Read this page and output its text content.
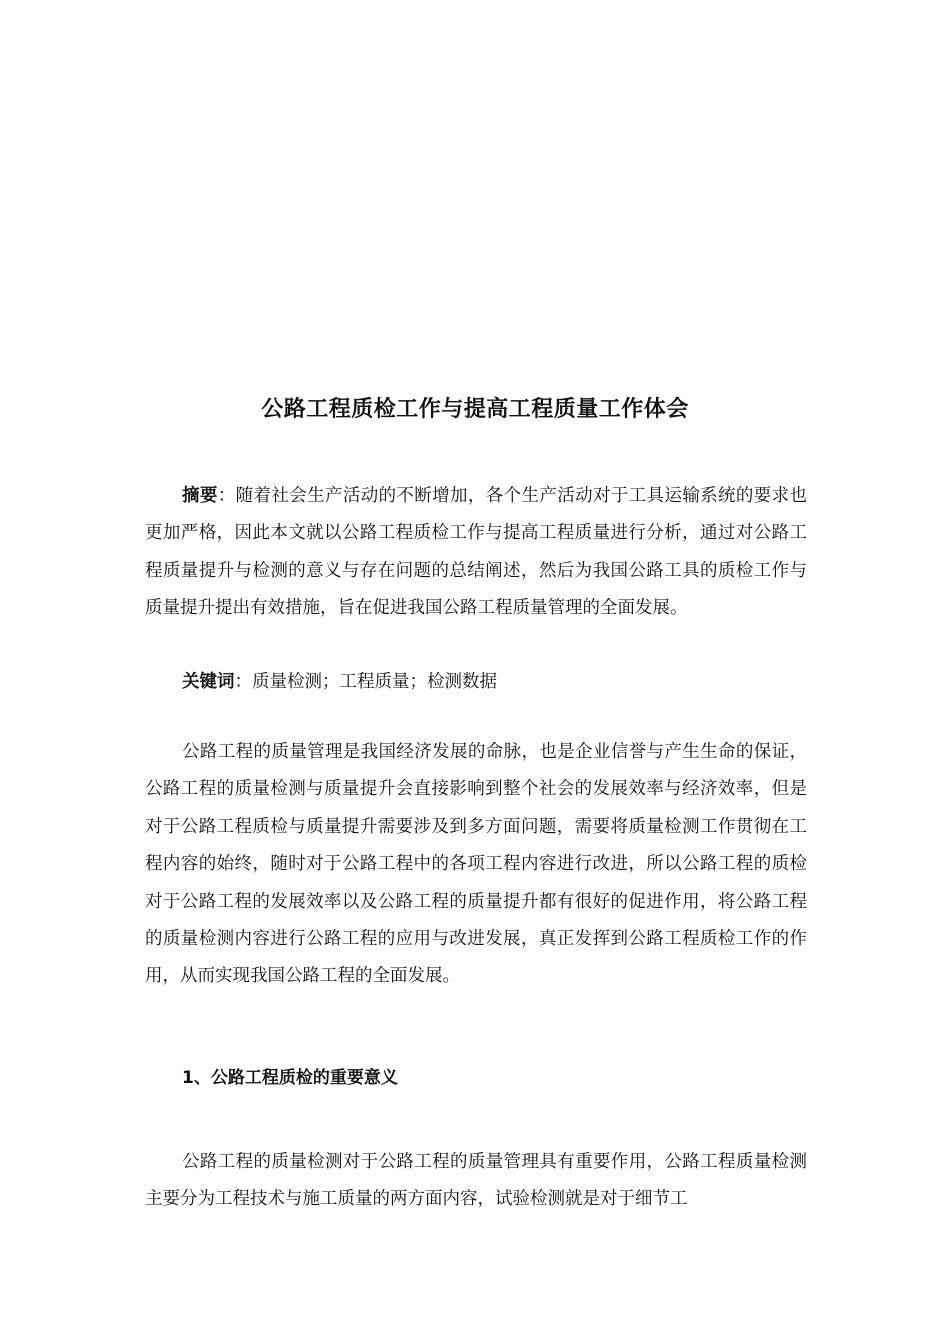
公路工程质检工作与提高工程质量工作体会

摘要：随着社会生产活动的不断增加，各个生产活动对于工具运输系统的要求也更加严格，因此本文就以公路工程质检工作与提高工程质量进行分析，通过对公路工程质量提升与检测的意义与存在问题的总结阐述，然后为我国公路工具的质检工作与质量提升提出有效措施，旨在促进我国公路工程质量管理的全面发展。

关键词：质量检测；工程质量；检测数据

公路工程的质量管理是我国经济发展的命脉，也是企业信誉与产生生命的保证，公路工程的质量检测与质量提升会直接影响到整个社会的发展效率与经济效率，但是对于公路工程质检与质量提升需要涉及到多方面问题，需要将质量检测工作贯彻在工程内容的始终，随时对于公路工程中的各项工程内容进行改进，所以公路工程的质检对于公路工程的发展效率以及公路工程的质量提升都有很好的促进作用，将公路工程的质量检测内容进行公路工程的应用与改进发展，真正发挥到公路工程质检工作的作用，从而实现我国公路工程的全面发展。

1、公路工程质检的重要意义

公路工程的质量检测对于公路工程的质量管理具有重要作用，公路工程质量检测主要分为工程技术与施工质量的两方面内容，试验检测就是对于细节工
